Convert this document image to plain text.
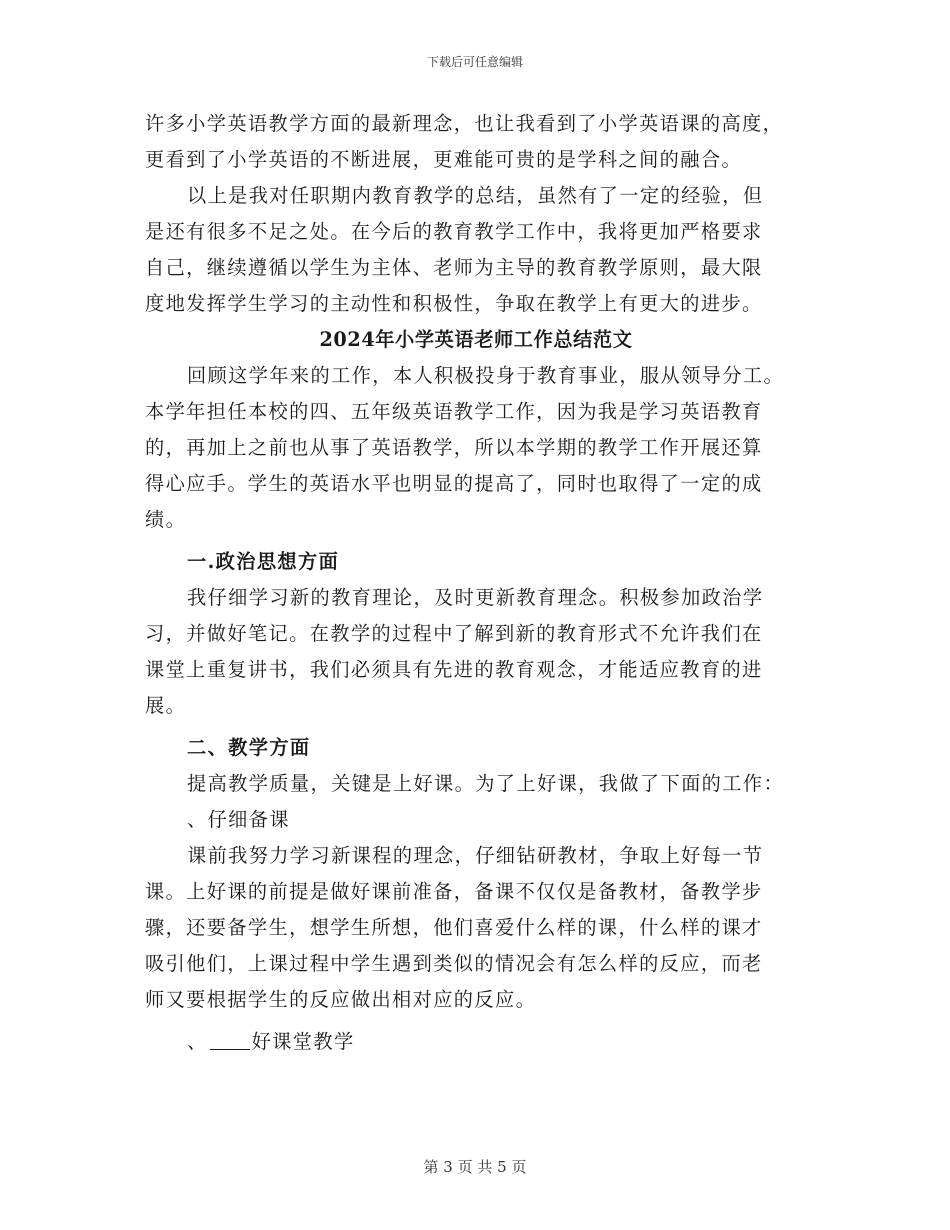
下载后可任意编辑
许多小学英语教学方面的最新理念，也让我看到了小学英语课的高度，
更看到了小学英语的不断进展，更难能可贵的是学科之间的融合。
以上是我对任职期内教育教学的总结，虽然有了一定的经验，但
是还有很多不足之处。在今后的教育教学工作中，我将更加严格要求
自己，继续遵循以学生为主体、老师为主导的教育教学原则，最大限
度地发挥学生学习的主动性和积极性，争取在教学上有更大的进步。
2024年小学英语老师工作总结范文
回顾这学年来的工作，本人积极投身于教育事业，服从领导分工。
本学年担任本校的四、五年级英语教学工作，因为我是学习英语教育
的，再加上之前也从事了英语教学，所以本学期的教学工作开展还算
得心应手。学生的英语水平也明显的提高了，同时也取得了一定的成
绩。
一.政治思想方面
我仔细学习新的教育理论，及时更新教育理念。积极参加政治学
习，并做好笔记。在教学的过程中了解到新的教育形式不允许我们在
课堂上重复讲书，我们必须具有先进的教育观念，才能适应教育的进
展。
二、教学方面
提高教学质量，关键是上好课。为了上好课，我做了下面的工作：
、仔细备课
课前我努力学习新课程的理念，仔细钻研教材，争取上好每一节
课。上好课的前提是做好课前准备，备课不仅仅是备教材，备教学步
骤，还要备学生，想学生所想，他们喜爱什么样的课，什么样的课才
吸引他们，上课过程中学生遇到类似的情况会有怎么样的反应，而老
师又要根据学生的反应做出相对应的反应。
、 好课堂教学
第 3 页 共 5 页
